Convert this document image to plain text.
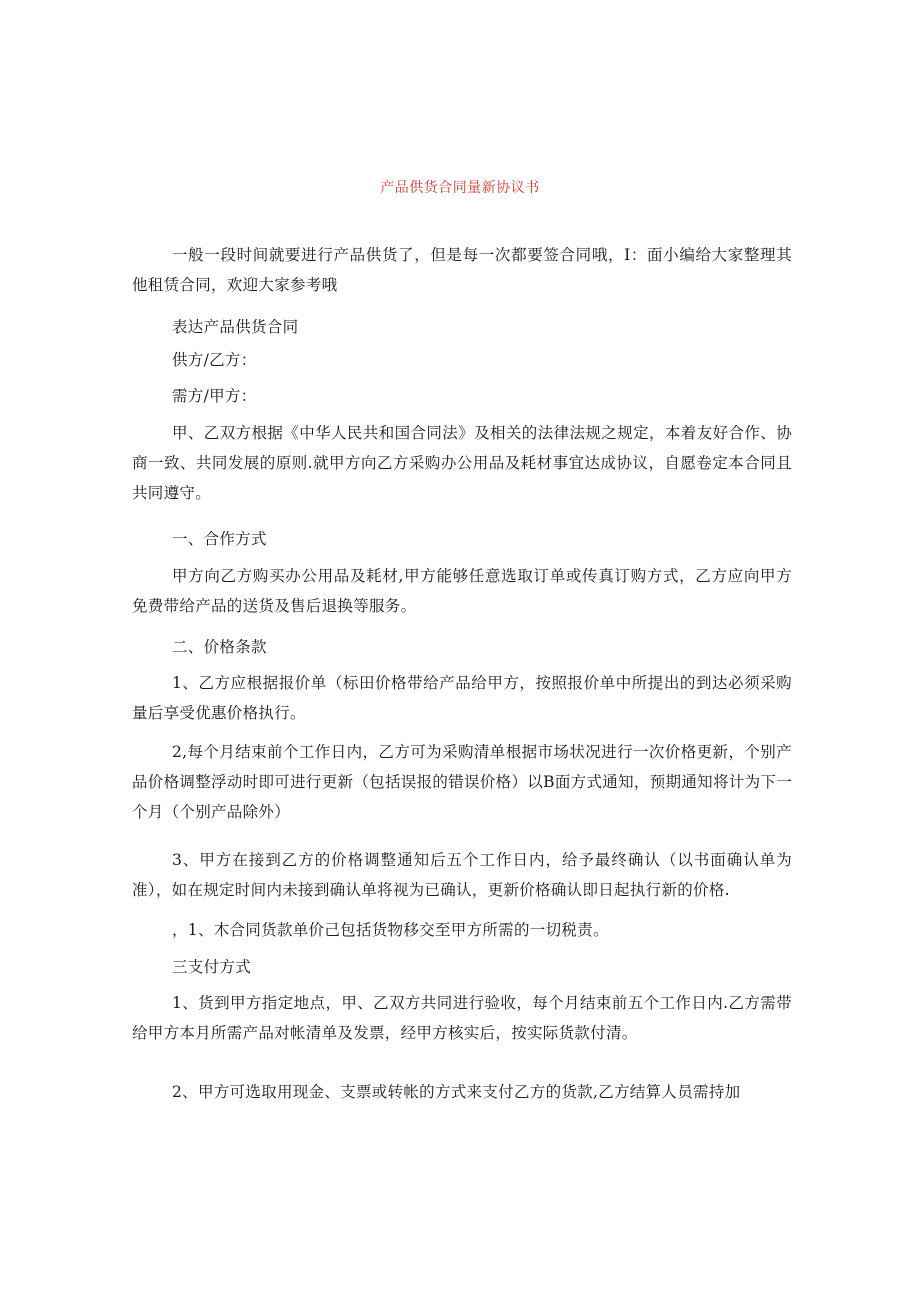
产品供货合同量新协议书
一般一段时间就要进行产品供货了，但是每一次都要签合同哦，I：面小编给大家整理其他租赁合同，欢迎大家参考哦
表达产品供货合同
供方/乙方：
需方/甲方：
甲、乙双方根据《中华人民共和国合同法》及相关的法律法规之规定，本着友好合作、协商一致、共同发展的原则.就甲方向乙方采购办公用品及耗材事宜达成协议，自愿卷定本合同且共同遵守。
一、合作方式
甲方向乙方购买办公用品及耗材,甲方能够任意选取订单或传真订购方式，乙方应向甲方免费带给产品的送货及售后退换等服务。
二、价格条款
1、乙方应根据报价单（标田价格带给产品给甲方，按照报价单中所提出的到达必须采购量后享受优惠价格执行。
2,每个月结束前个工作日内，乙方可为采购清单根据市场状况进行一次价格更新，个别产品价格调整浮动时即可进行更新（包括误报的错误价格）以B面方式通知，预期通知将计为下一个月（个别产品除外）
3、甲方在接到乙方的价格调整通知后五个工作日内，给予最终确认（以书面确认单为准），如在规定时间内未接到确认单将视为已确认，更新价格确认即日起执行新的价格.
，1、木合同货款单价己包括货物移交至甲方所需的一切税责。
三支付方式
1、货到甲方指定地点，甲、乙双方共同进行验收，每个月结束前五个工作日内.乙方需带给甲方本月所需产品对帐清单及发票，经甲方核实后，按实际货款付清。
2、甲方可选取用现金、支票或转帐的方式来支付乙方的货款,乙方结算人员需持加
